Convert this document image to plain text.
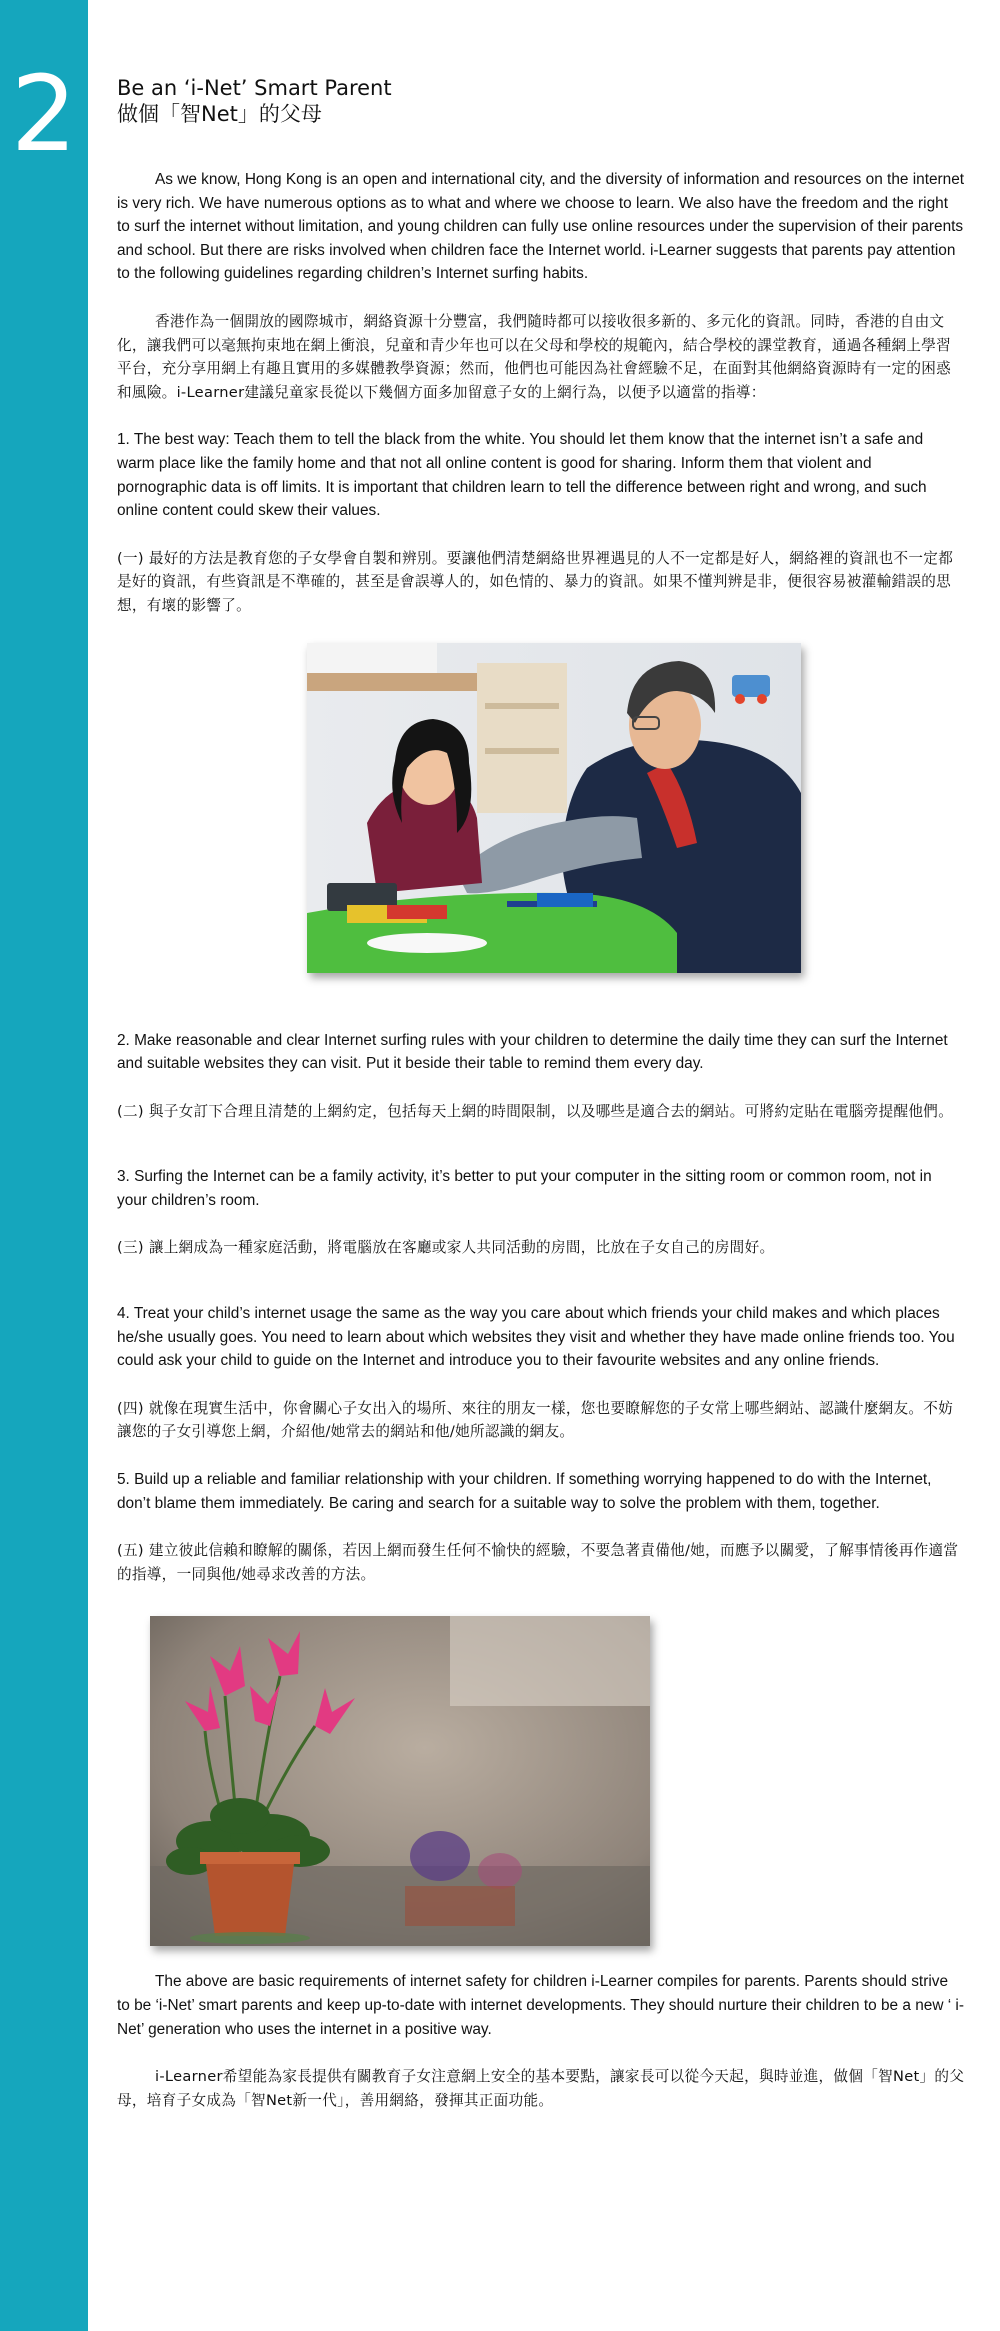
2	Be an ‘i-Net’ Smart Parent
做個「智Net」的父母

As we know, Hong Kong is an open and international city, and the diversity of information and resources on the internet is very rich. We have numerous options as to what and where we choose to learn. We also have the freedom and the right to surf the internet without limitation, and young children can fully use online resources under the supervision of their parents and school. But there are risks involved when children face the Internet world. i-Learner suggests that parents pay attention to the following guidelines regarding children’s Internet surfing habits.

香港作為一個開放的國際城市，網絡資源十分豐富，我們隨時都可以接收很多新的、多元化的資訊。同時，香港的自由文化，讓我們可以毫無拘束地在網上衝浪，兒童和青少年也可以在父母和學校的規範內，結合學校的課堂教育，通過各種網上學習平台，充分享用網上有趣且實用的多媒體教學資源；然而，他們也可能因為社會經驗不足，在面對其他網絡資源時有一定的困惑和風險。i-Learner建議兒童家長從以下幾個方面多加留意子女的上網行為，以便予以適當的指導：

1. The best way: Teach them to tell the black from the white. You should let them know that the internet isn’t a safe and warm place like the family home and that not all online content is good for sharing. Inform them that violent and pornographic data is off limits. It is important that children learn to tell the difference between right and wrong, and such online content could skew their values.

(一) 最好的方法是教育您的子女學會自製和辨別。要讓他們清楚網絡世界裡遇見的人不一定都是好人，網絡裡的資訊也不一定都是好的資訊，有些資訊是不準確的，甚至是會誤導人的，如色情的、暴力的資訊。如果不懂判辨是非，便很容易被灌輸錯誤的思想，有壞的影響了。

2. Make reasonable and clear Internet surfing rules with your children to determine the daily time they can surf the Internet and suitable websites they can visit. Put it beside their table to remind them every day.

(二) 與子女訂下合理且清楚的上網約定，包括每天上網的時間限制，以及哪些是適合去的網站。可將約定貼在電腦旁提醒他們。

3. Surfing the Internet can be a family activity, it’s better to put your computer in the sitting room or common room, not in your children’s room.

(三) 讓上網成為一種家庭活動，將電腦放在客廳或家人共同活動的房間，比放在子女自己的房間好。

4. Treat your child’s internet usage the same as the way you care about which friends your child makes and which places he/she usually goes. You need to learn about which websites they visit and whether they have made online friends too. You could ask your child to guide on the Internet and introduce you to their favourite websites and any online friends.

(四) 就像在現實生活中，你會關心子女出入的場所、來往的朋友一樣，您也要瞭解您的子女常上哪些網站、認識什麼網友。不妨讓您的子女引導您上網，介紹他/她常去的網站和他/她所認識的網友。

5. Build up a reliable and familiar relationship with your children. If something worrying happened to do with the Internet, don’t blame them immediately. Be caring and search for a suitable way to solve the problem with them, together.

(五) 建立彼此信賴和瞭解的關係，若因上網而發生任何不愉快的經驗，不要急著責備他/她，而應予以關愛，了解事情後再作適當的指導，一同與他/她尋求改善的方法。

The above are basic requirements of internet safety for children i-Learner compiles for parents. Parents should strive to be ‘i-Net’ smart parents and keep up-to-date with internet developments. They should nurture their children to be a new ‘ i-Net’ generation who uses the internet in a positive way.

i-Learner希望能為家長提供有關教育子女注意網上安全的基本要點，讓家長可以從今天起，與時並進，做個「智Net」的父母，培育子女成為「智Net新一代」，善用網絡，發揮其正面功能。
